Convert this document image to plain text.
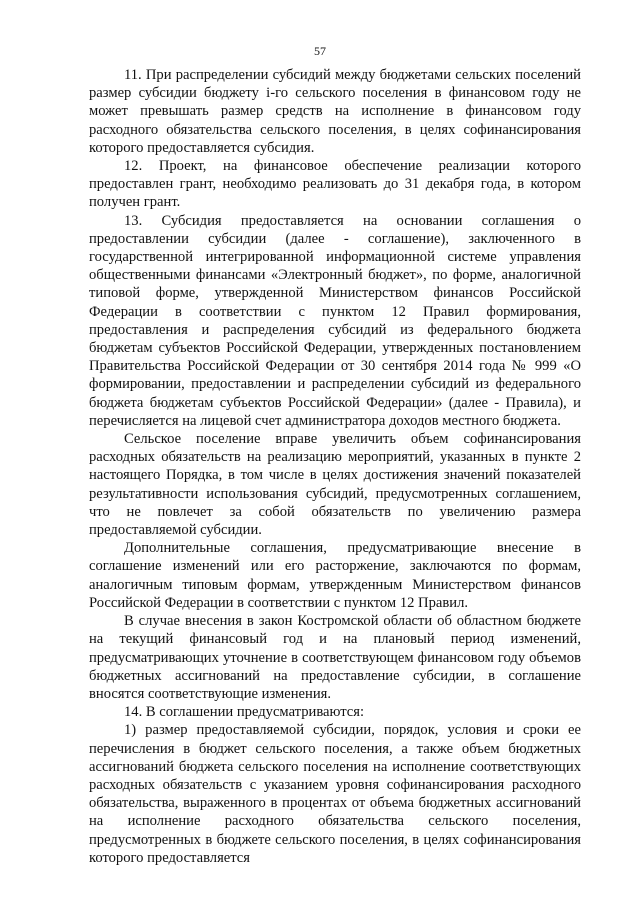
57

11. При распределении субсидий между бюджетами сельских поселений размер субсидии бюджету i-го сельского поселения в финансовом году не может превышать размер средств на исполнение в финансовом году расходного обязательства сельского поселения, в целях софинансирования которого предоставляется субсидия.

12. Проект, на финансовое обеспечение реализации которого предоставлен грант, необходимо реализовать до 31 декабря года, в котором получен грант.

13. Субсидия предоставляется на основании соглашения о предоставлении субсидии (далее - соглашение), заключенного в государственной интегрированной информационной системе управления общественными финансами «Электронный бюджет», по форме, аналогичной типовой форме, утвержденной Министерством финансов Российской Федерации в соответствии с пунктом 12 Правил формирования, предоставления и распределения субсидий из федерального бюджета бюджетам субъектов Российской Федерации, утвержденных постановлением Правительства Российской Федерации от 30 сентября 2014 года № 999 «О формировании, предоставлении и распределении субсидий из федерального бюджета бюджетам субъектов Российской Федерации» (далее - Правила), и перечисляется на лицевой счет администратора доходов местного бюджета.

Сельское поселение вправе увеличить объем софинансирования расходных обязательств на реализацию мероприятий, указанных в пункте 2 настоящего Порядка, в том числе в целях достижения значений показателей результативности использования субсидий, предусмотренных соглашением, что не повлечет за собой обязательств по увеличению размера предоставляемой субсидии.

Дополнительные соглашения, предусматривающие внесение в соглашение изменений или его расторжение, заключаются по формам, аналогичным типовым формам, утвержденным Министерством финансов Российской Федерации в соответствии с пунктом 12 Правил.

В случае внесения в закон Костромской области об областном бюджете на текущий финансовый год и на плановый период изменений, предусматривающих уточнение в соответствующем финансовом году объемов бюджетных ассигнований на предоставление субсидии, в соглашение вносятся соответствующие изменения.

14. В соглашении предусматриваются:

1) размер предоставляемой субсидии, порядок, условия и сроки ее перечисления в бюджет сельского поселения, а также объем бюджетных ассигнований бюджета сельского поселения на исполнение соответствующих расходных обязательств с указанием уровня софинансирования расходного обязательства, выраженного в процентах от объема бюджетных ассигнований на исполнение расходного обязательства сельского поселения, предусмотренных в бюджете сельского поселения, в целях софинансирования которого предоставляется
